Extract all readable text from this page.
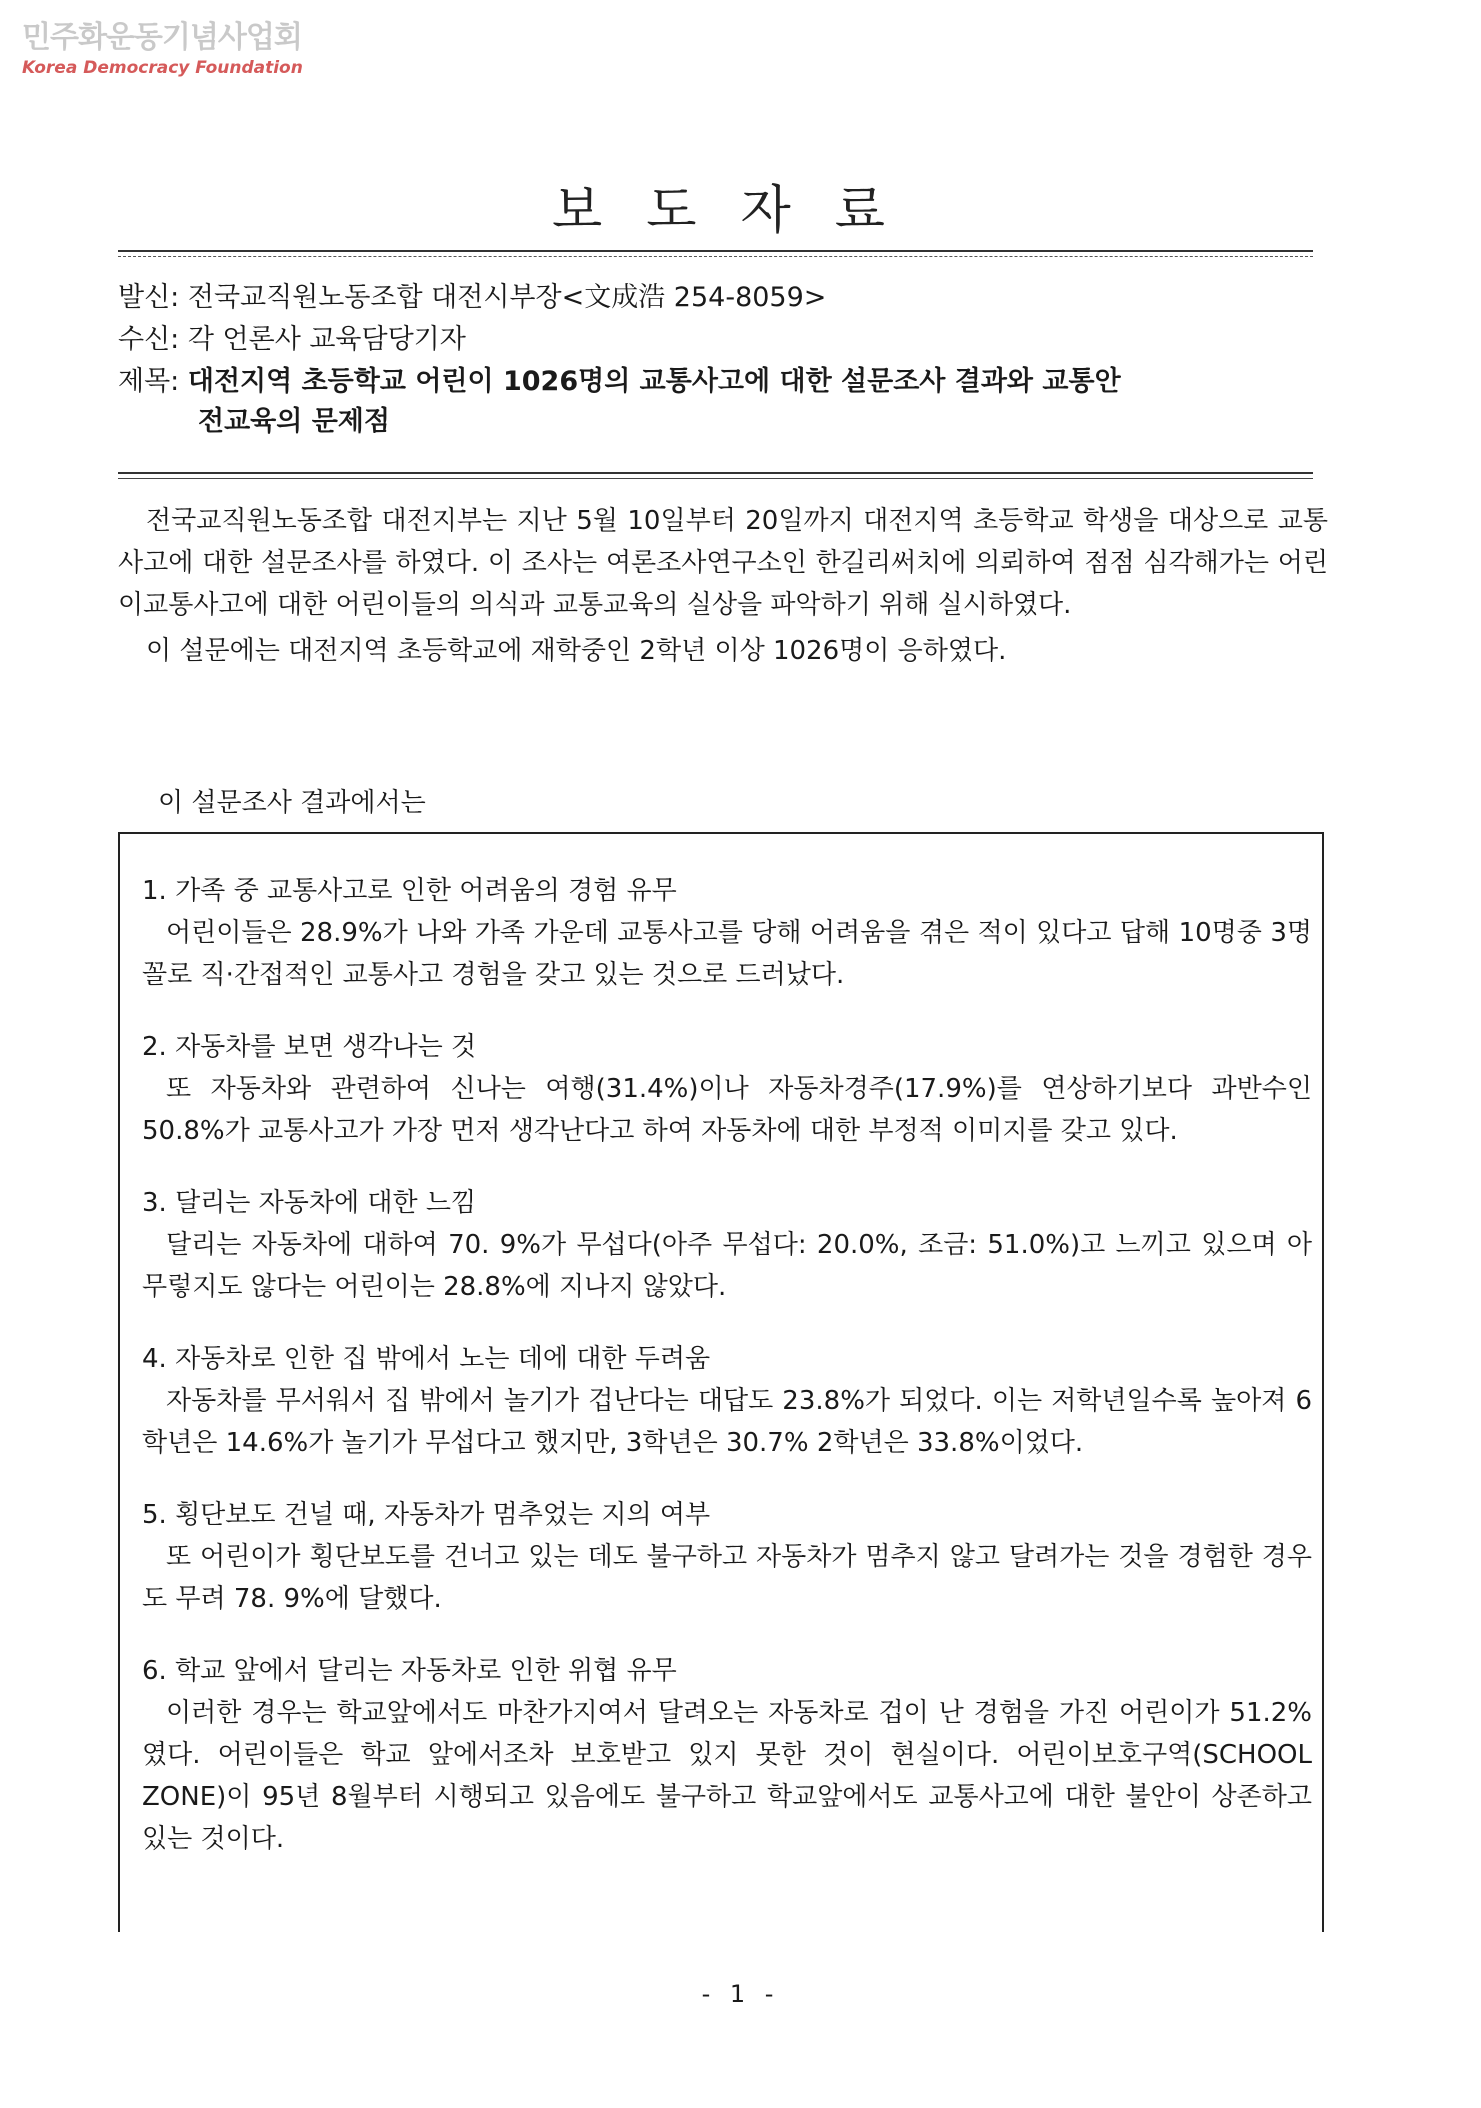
민주화운동기념사업회
Korea Democracy Foundation
보도자료
발신:
전국교직원노동조합 대전시부장<文成浩 254-8059>
수신:
각 언론사 교육담당기자
제목:
대전지역 초등학교 어린이 1026명의 교통사고에 대한 설문조사 결과와 교통안
전교육의 문제점

전국교직원노동조합 대전지부는 지난 5월 10일부터 20일까지 대전지역 초등학교 학생을 대상으로 교통사고에 대한 설문조사를 하였다. 이 조사는 여론조사연구소인 한길리써치에 의뢰하여 점점 심각해가는 어린이교통사고에 대한 어린이들의 의식과 교통교육의 실상을 파악하기 위해 실시하였다.

이 설문에는 대전지역 초등학교에 재학중인 2학년 이상 1026명이 응하였다.

이 설문조사 결과에서는
1. 가족 중 교통사고로 인한 어려움의 경험 유무
어린이들은 28.9%가 나와 가족 가운데 교통사고를 당해 어려움을 겪은 적이 있다고 답해 10명중 3명꼴로 직·간접적인 교통사고 경험을 갖고 있는 것으로 드러났다.
2. 자동차를 보면 생각나는 것
또 자동차와 관련하여 신나는 여행(31.4%)이나 자동차경주(17.9%)를 연상하기보다 과반수인 50.8%가 교통사고가 가장 먼저 생각난다고 하여 자동차에 대한 부정적 이미지를 갖고 있다.
3. 달리는 자동차에 대한 느낌
달리는 자동차에 대하여 70. 9%가 무섭다(아주 무섭다: 20.0%, 조금: 51.0%)고 느끼고 있으며 아무렇지도 않다는 어린이는 28.8%에 지나지 않았다.
4. 자동차로 인한 집 밖에서 노는 데에 대한 두려움
자동차를 무서워서 집 밖에서 놀기가 겁난다는 대답도 23.8%가 되었다. 이는 저학년일수록 높아져 6학년은 14.6%가 놀기가 무섭다고 했지만, 3학년은 30.7% 2학년은 33.8%이었다.
5. 횡단보도 건널 때, 자동차가 멈추었는 지의 여부
또 어린이가 횡단보도를 건너고 있는 데도 불구하고 자동차가 멈추지 않고 달려가는 것을 경험한 경우도 무려 78. 9%에 달했다.
6. 학교 앞에서 달리는 자동차로 인한 위협 유무
이러한 경우는 학교앞에서도 마찬가지여서 달려오는 자동차로 겁이 난 경험을 가진 어린이가 51.2%였다. 어린이들은 학교 앞에서조차 보호받고 있지 못한 것이 현실이다. 어린이보호구역(SCHOOL ZONE)이 95년 8월부터 시행되고 있음에도 불구하고 학교앞에서도 교통사고에 대한 불안이 상존하고 있는 것이다.
- 1 -
